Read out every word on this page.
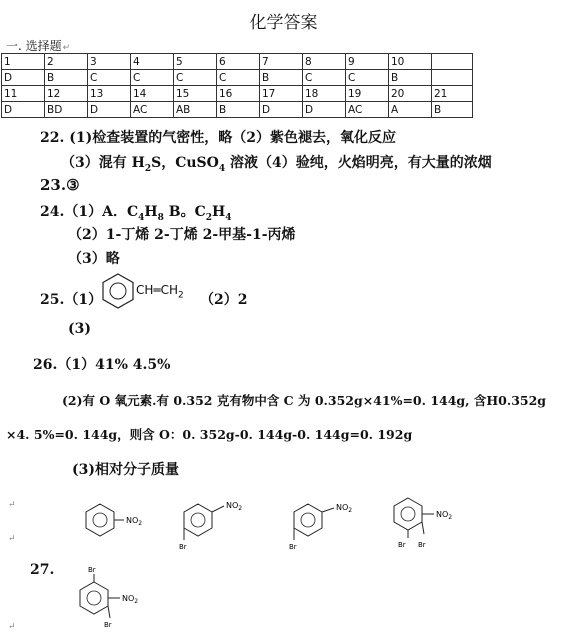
化学答案
一. 选择题↵
1	2	3	4	5	6	7	8	9	10	
D	B	C	C	C	C	B	C	C	B	
11	12	13	14	15	16	17	18	19	20	21
D	BD	D	AC	AB	B	D	D	AC	A	B
22. (1)检查装置的气密性，略（2）紫色褪去，氧化反应
（3）混有 $H_2S$，CuSO$_4$ 溶液（4）验纯，火焰明亮，有大量的浓烟
23.③
24.（1）A．$C_4H_8$ B。$C_2H_4$
（2）1-丁烯 2-丁烯 2-甲基-1-丙烯
（3）略
25.（1）
$CH═CH_2$ （2）2
(3)
26.（1）41% 4.5%
(2)有 O 氧元素.有 0.352 克有物中含 C 为 0.352g×41%=0. 144g, 含H0.352g
×4. 5%=0. 144g，则含 O：0. 352g-0. 144g-0. 144g=0. 192g
(3)相对分子质量
$NO_2$
$NO_2$
Br
$NO_2$
Br
$NO_2$
Br Br
27.	Br
$NO_2$
Br
↵
↵
↵
